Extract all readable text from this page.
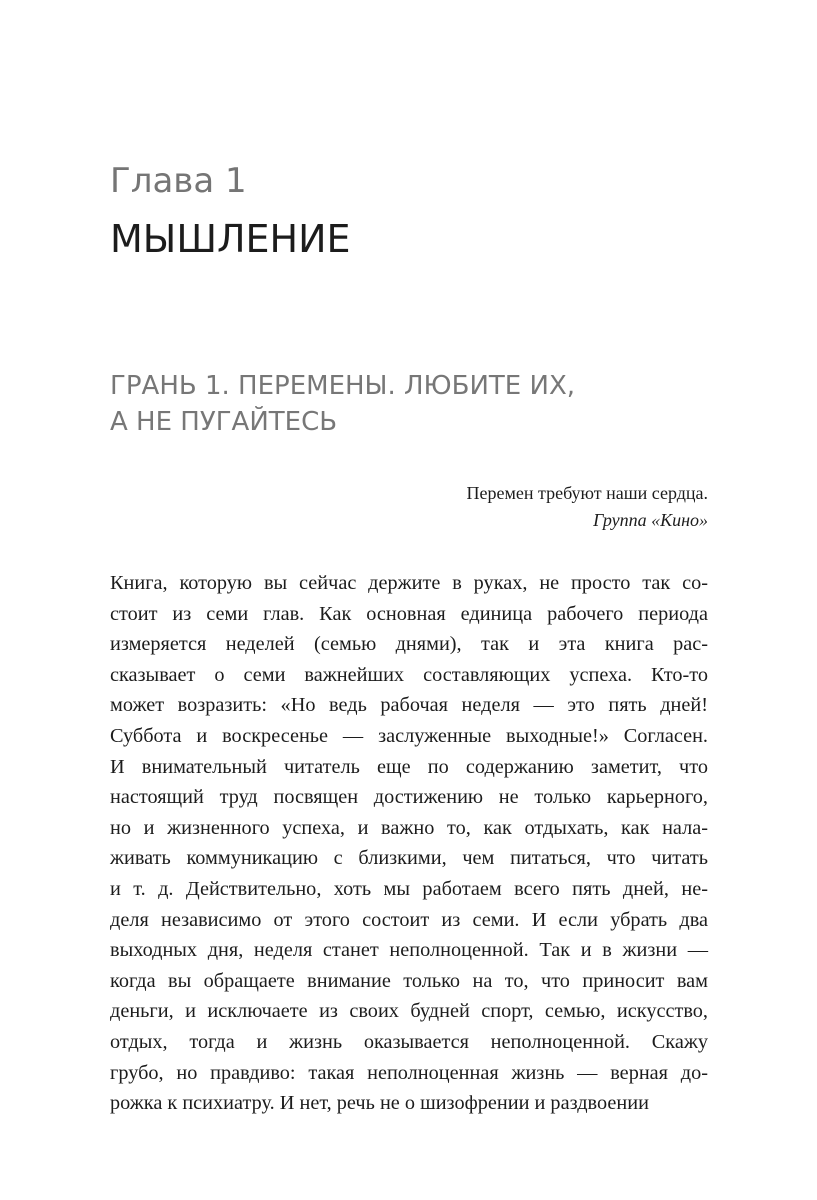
Глава 1
МЫШЛЕНИЕ
ГРАНЬ 1. ПЕРЕМЕНЫ. ЛЮБИТЕ ИХ,
А НЕ ПУГАЙТЕСЬ
Перемен требуют наши сердца.
Группа «Кино»
Книга, которую вы сейчас держите в руках, не просто так со-
стоит из семи глав. Как основная единица рабочего периода
измеряется неделей (семью днями), так и эта книга рас-
сказывает о семи важнейших составляющих успеха. Кто-то
может возразить: «Но ведь рабочая неделя — это пять дней!
Суббота и воскресенье — заслуженные выходные!» Согласен.
И внимательный читатель еще по содержанию заметит, что
настоящий труд посвящен достижению не только карьерного,
но и жизненного успеха, и важно то, как отдыхать, как нала-
живать коммуникацию с близкими, чем питаться, что читать
и т. д. Действительно, хоть мы работаем всего пять дней, не-
деля независимо от этого состоит из семи. И если убрать два
выходных дня, неделя станет неполноценной. Так и в жизни —
когда вы обращаете внимание только на то, что приносит вам
деньги, и исключаете из своих будней спорт, семью, искусство,
отдых, тогда и жизнь оказывается неполноценной. Скажу
грубо, но правдиво: такая неполноценная жизнь — верная до-
рожка к психиатру. И нет, речь не о шизофрении и раздвоении
